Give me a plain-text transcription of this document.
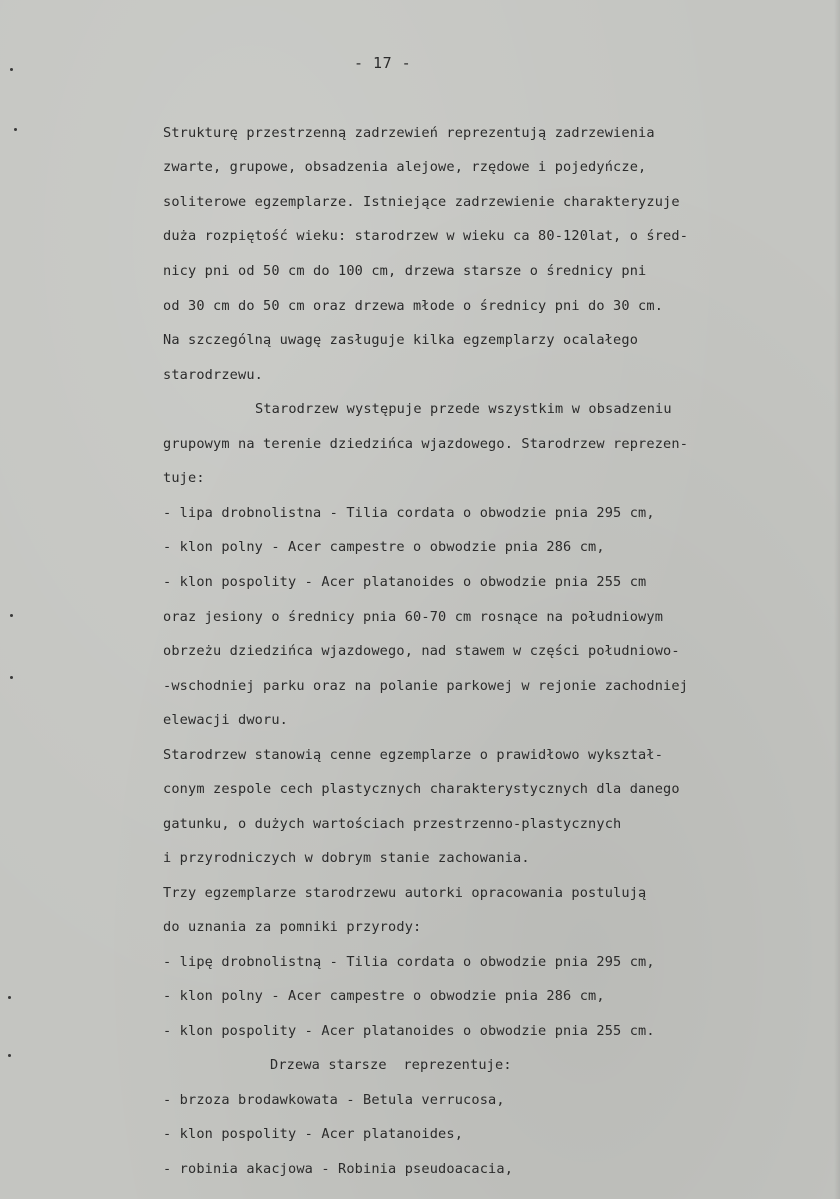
- 17 -
Strukturę przestrzenną zadrzewień reprezentują zadrzewienia
zwarte, grupowe, obsadzenia alejowe, rzędowe i pojedyńcze,
soliterowe egzemplarze. Istniejące zadrzewienie charakteryzuje
duża rozpiętość wieku: starodrzew w wieku ca 80-120lat, o śred-
nicy pni od 50 cm do 100 cm, drzewa starsze o średnicy pni
od 30 cm do 50 cm oraz drzewa młode o średnicy pni do 30 cm.
Na szczególną uwagę zasługuje kilka egzemplarzy ocalałego
starodrzewu.
Starodrzew występuje przede wszystkim w obsadzeniu
grupowym na terenie dziedzińca wjazdowego. Starodrzew reprezen-
tuje:
- lipa drobnolistna - Tilia cordata o obwodzie pnia 295 cm,
- klon polny - Acer campestre o obwodzie pnia 286 cm,
- klon pospolity - Acer platanoides o obwodzie pnia 255 cm
oraz jesiony o średnicy pnia 60-70 cm rosnące na południowym
obrzeżu dziedzińca wjazdowego, nad stawem w części południowo-
-wschodniej parku oraz na polanie parkowej w rejonie zachodniej
elewacji dworu.
Starodrzew stanowią cenne egzemplarze o prawidłowo wykształ-
conym zespole cech plastycznych charakterystycznych dla danego
gatunku, o dużych wartościach przestrzenno-plastycznych
i przyrodniczych w dobrym stanie zachowania.
Trzy egzemplarze starodrzewu autorki opracowania postulują
do uznania za pomniki przyrody:
- lipę drobnolistną - Tilia cordata o obwodzie pnia 295 cm,
- klon polny - Acer campestre o obwodzie pnia 286 cm,
- klon pospolity - Acer platanoides o obwodzie pnia 255 cm.
Drzewa starsze  reprezentuje:
- brzoza brodawkowata - Betula verrucosa,
- klon pospolity - Acer platanoides,
- robinia akacjowa - Robinia pseudoacacia,
